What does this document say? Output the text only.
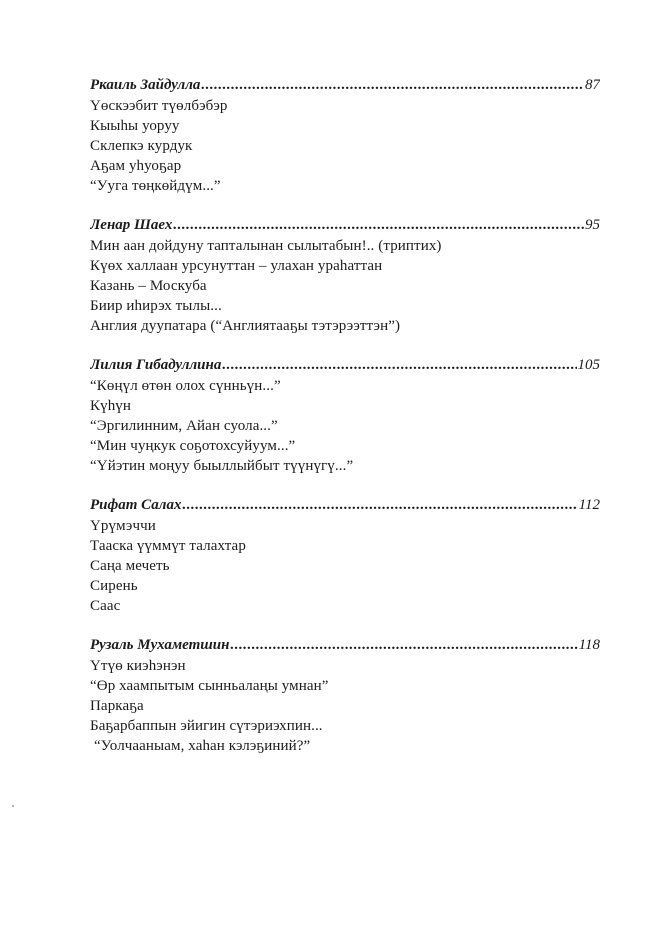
Ркаиль Зайдулла .....	87
Үөскээбит түөлбэбэр
Кыыһы уоруу
Склепкэ курдук
Аҕам уһуоҕар
“Ууга төңкөйдүм...”
Ленар Шаех .....	95
Мин аан дойдуну тапталынан сылытабын!.. (триптих)
Күөх халлаан урсунуттан – улахан ураһаттан
Казань – Москуба
Бииp иһирэх тылы...
Англия дуупатара (“Англиятааҕы тэтэрээттэн”)
Лилия Гибадуллина .....	105
“Көңүл өтөн олох сүнньүн...”
Күһүн
“Эргилинним, Айан суола...”
“Мин чуңкук соҕотохсуйуум...”
“Үйэтин моңуу быыллыйбыт түүнүгү...”
Рифат Салах .....	112
Үрүмэччи
Тааска үүммүт талахтар
Саңа мечеть
Сирень
Саас
Рузаль Мухаметшин .....	118
Үтүө киэһэнэн
“Өр хаампытым сынньалаңы умнан”
Паркаҕа
Баҕарбаппын эйигин сүтэриэхпин...
“Уолчааныам, хаһан кэлэҕиний?”
